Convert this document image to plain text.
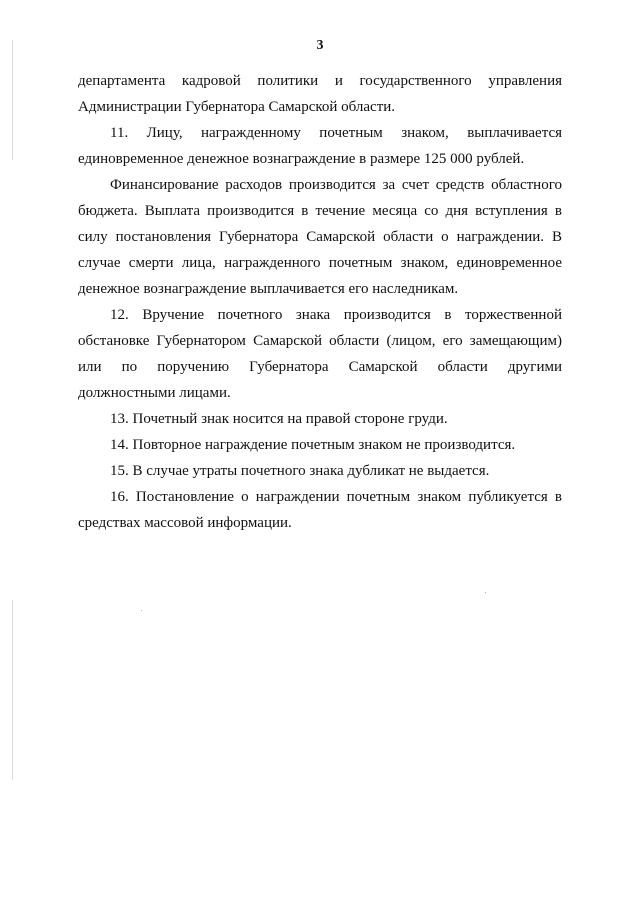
3

департамента кадровой политики и государственного управления Администрации Губернатора Самарской области.

11. Лицу, награжденному почетным знаком, выплачивается единовременное денежное вознаграждение в размере 125 000 рублей.

Финансирование расходов производится за счет средств областного бюджета. Выплата производится в течение месяца со дня вступления в силу постановления Губернатора Самарской области о награждении. В случае смерти лица, награжденного почетным знаком, единовременное денежное вознаграждение выплачивается его наследникам.

12. Вручение почетного знака производится в торжественной обстановке Губернатором Самарской области (лицом, его замещающим) или по поручению Губернатора Самарской области другими должностными лицами.

13. Почетный знак носится на правой стороне груди.

14. Повторное награждение почетным знаком не производится.

15. В случае утраты почетного знака дубликат не выдается.

16. Постановление о награждении почетным знаком публикуется в средствах массовой информации.
